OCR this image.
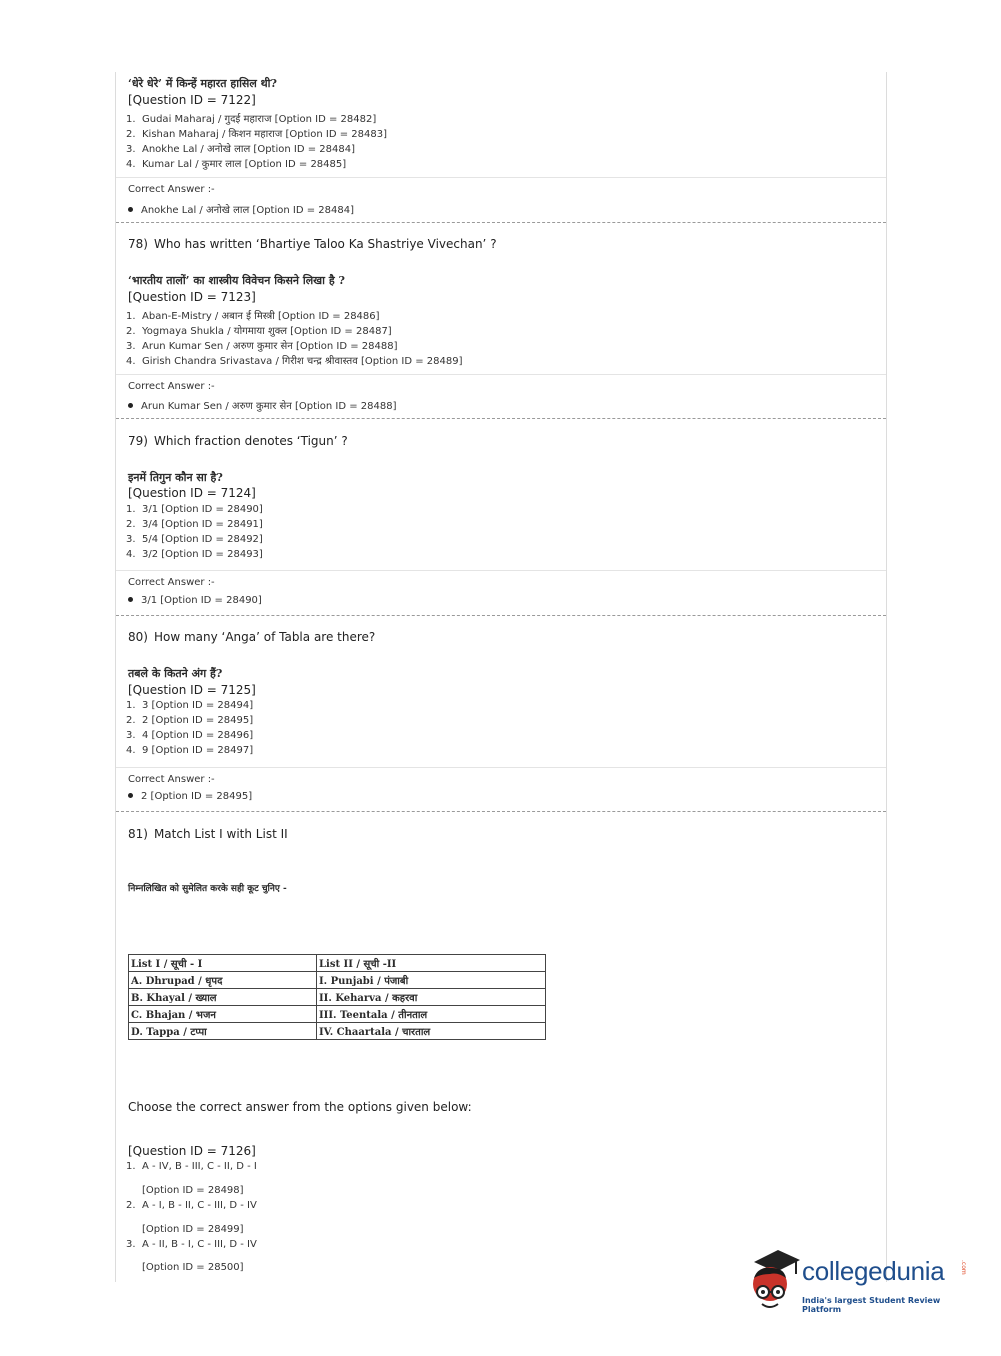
‘धेरे धेरे’ में किन्हें महारत हासिल थी?
[Question ID = 7122]
1. Gudai Maharaj / गुदई महाराज [Option ID = 28482]
2. Kishan Maharaj / किशन महाराज [Option ID = 28483]
3. Anokhe Lal / अनोखे लाल [Option ID = 28484]
4. Kumar Lal / कुमार लाल [Option ID = 28485]
Correct Answer :-
Anokhe Lal / अनोखे लाल [Option ID = 28484]
78) Who has written ‘Bhartiye Taloo Ka Shastriye Vivechan’ ?
‘भारतीय तालों’ का शास्त्रीय विवेचन किसने लिखा है ?
[Question ID = 7123]
1. Aban-E-Mistry / अबान ई मिस्त्री [Option ID = 28486]
2. Yogmaya Shukla / योगमाया शुक्ल [Option ID = 28487]
3. Arun Kumar Sen / अरुण कुमार सेन [Option ID = 28488]
4. Girish Chandra Srivastava / गिरीश चन्द्र श्रीवास्तव [Option ID = 28489]
Correct Answer :-
Arun Kumar Sen / अरुण कुमार सेन [Option ID = 28488]
79) Which fraction denotes ‘Tigun’ ?
इनमें तिगुन कौन सा है?
[Question ID = 7124]
1. 3/1 [Option ID = 28490]
2. 3/4 [Option ID = 28491]
3. 5/4 [Option ID = 28492]
4. 3/2 [Option ID = 28493]
Correct Answer :-
3/1 [Option ID = 28490]
80) How many ‘Anga’ of Tabla are there?
तबले के कितने अंग हैं?
[Question ID = 7125]
1. 3 [Option ID = 28494]
2. 2 [Option ID = 28495]
3. 4 [Option ID = 28496]
4. 9 [Option ID = 28497]
Correct Answer :-
2 [Option ID = 28495]
81) Match List I with List II
निम्नलिखित को सुमेलित करके सही कूट चुनिए -
List I / सूची - I	List II / सूची -II
A. Dhrupad / धृपद	I. Punjabi / पंजाबी
B. Khayal / ख्याल	II. Keharva / कहरवा
C. Bhajan / भजन	III. Teentala / तीनताल
D. Tappa / टप्पा	IV. Chaartala / चारताल
Choose the correct answer from the options given below:
[Question ID = 7126]
1. A - IV, B - III, C - II, D - I
[Option ID = 28498]
2. A - I, B - II, C - III, D - IV
[Option ID = 28499]
3. A - II, B - I, C - III, D - IV
[Option ID = 28500]	collegedunia	.com
India's largest Student Review Platform
